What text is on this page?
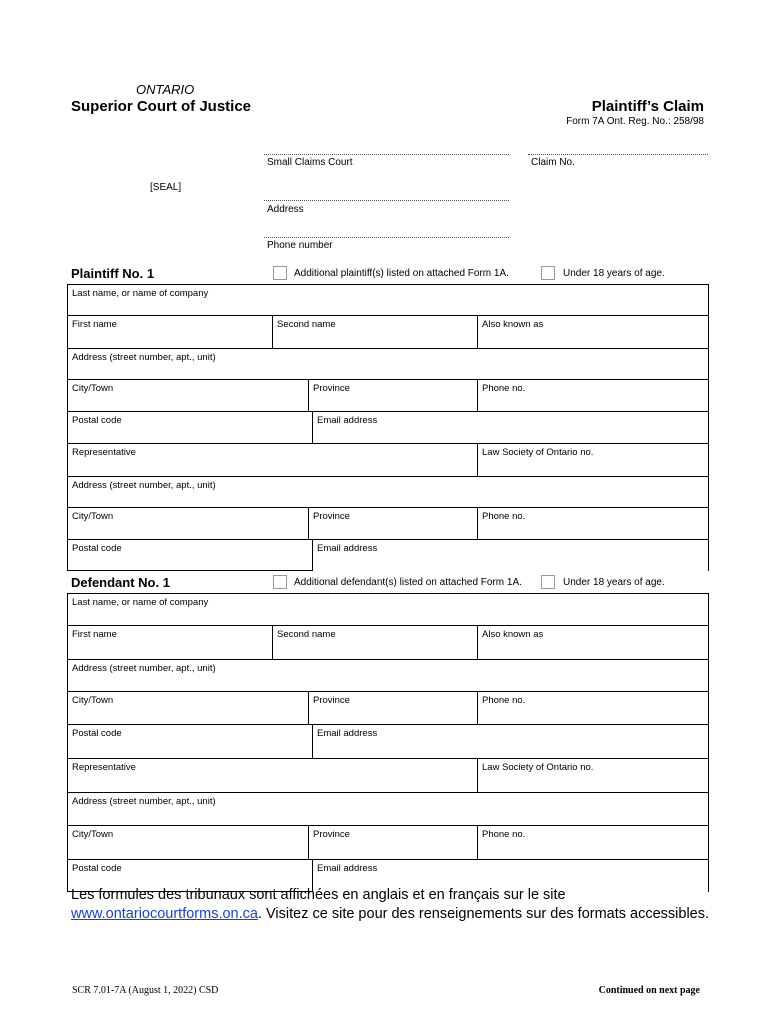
ONTARIO
Superior Court of Justice	Plaintiff’s Claim
Form 7A Ont. Reg. No.: 258/98
Small Claims Court	Claim No.
[SEAL]
Address
Phone number
Plaintiff No. 1	Additional plaintiff(s) listed on attached Form 1A.	Under 18 years of age.
Last name, or name of company
First name	Second name	Also known as
Address (street number, apt., unit)
City/Town	Province	Phone no.
Postal code	Email address
Representative	Law Society of Ontario no.
Address (street number, apt., unit)
City/Town	Province	Phone no.
Postal code	Email address
Defendant No. 1	Additional defendant(s) listed on attached Form 1A.	Under 18 years of age.
Last name, or name of company
First name	Second name	Also known as
Address (street number, apt., unit)
City/Town	Province	Phone no.
Postal code	Email address
Representative	Law Society of Ontario no.
Address (street number, apt., unit)
City/Town	Province	Phone no.
Postal code	Email address
Les formules des tribunaux sont affichées en anglais et en français sur le site
www.ontariocourtforms.on.ca. Visitez ce site pour des renseignements sur des formats accessibles.
SCR 7.01-7A (August 1, 2022) CSD	Continued on next page
